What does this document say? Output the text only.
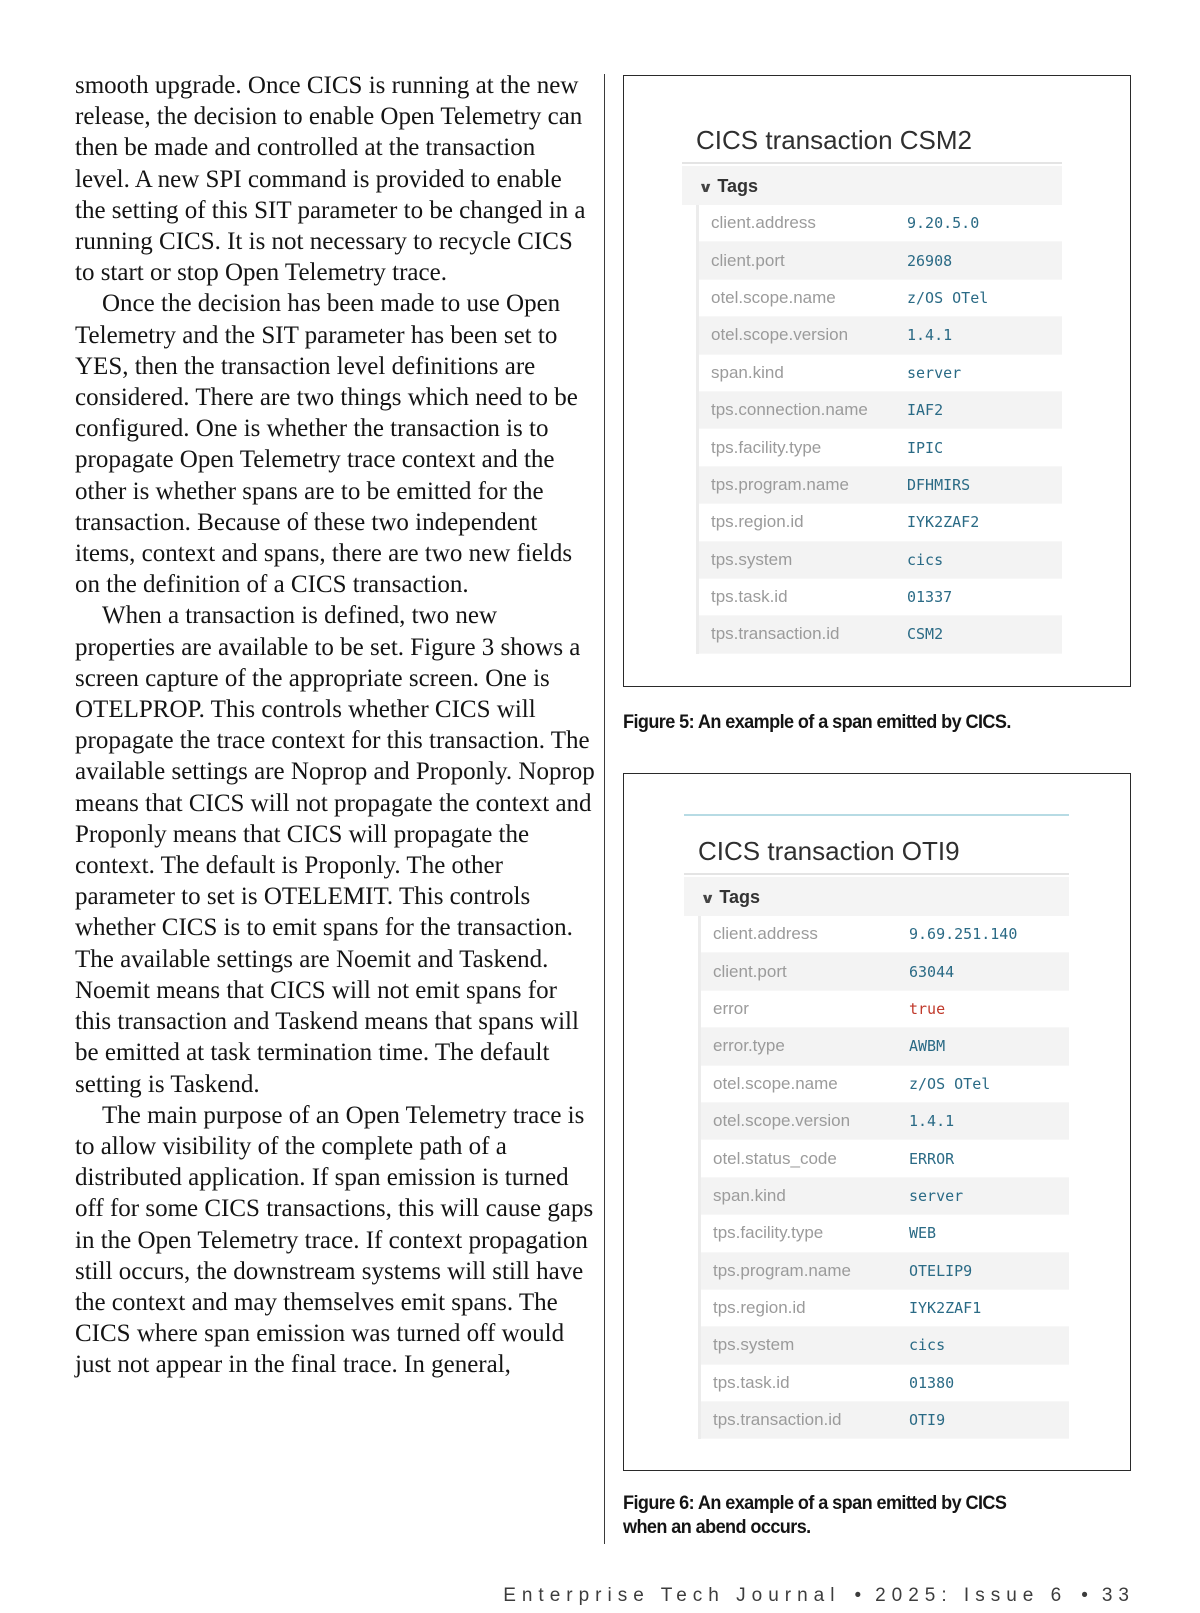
smooth upgrade. Once CICS is running at the new release, the decision to enable Open Telemetry can then be made and controlled at the transaction level. A new SPI command is provided to enable the setting of this SIT parameter to be changed in a running CICS. It is not necessary to recycle CICS to start or stop Open Telemetry trace.

Once the decision has been made to use Open Telemetry and the SIT parameter has been set to YES, then the transaction level definitions are considered. There are two things which need to be configured. One is whether the transaction is to propagate Open Telemetry trace context and the other is whether spans are to be emitted for the transaction. Because of these two independent items, context and spans, there are two new fields on the definition of a CICS transaction.

When a transaction is defined, two new properties are available to be set. Figure 3 shows a screen capture of the appropriate screen. One is OTELPROP. This controls whether CICS will propagate the trace context for this transaction. The available settings are Noprop and Proponly. Noprop means that CICS will not propagate the context and Proponly means that CICS will propagate the context. The default is Proponly. The other parameter to set is OTELEMIT. This controls whether CICS is to emit spans for the transaction. The available settings are Noemit and Taskend. Noemit means that CICS will not emit spans for this transaction and Taskend means that spans will be emitted at task termination time. The default setting is Taskend.

The main purpose of an Open Telemetry trace is to allow visibility of the complete path of a distributed application. If span emission is turned off for some CICS transactions, this will cause gaps in the Open Telemetry trace. If context propagation still occurs, the downstream systems will still have the context and may themselves emit spans. The CICS where span emission was turned off would just not appear in the final trace. In general,

CICS transaction CSM2
∨ Tags
client.address	9.20.5.0
client.port	26908
otel.scope.name	z/OS OTel
otel.scope.version	1.4.1
span.kind	server
tps.connection.name	IAF2
tps.facility.type	IPIC
tps.program.name	DFHMIRS
tps.region.id	IYK2ZAF2
tps.system	cics
tps.task.id	01337
tps.transaction.id	CSM2
Figure 5: An example of a span emitted by CICS.
CICS transaction OTI9
∨ Tags
client.address	9.69.251.140
client.port	63044
error	true
error.type	AWBM
otel.scope.name	z/OS OTel
otel.scope.version	1.4.1
otel.status_code	ERROR
span.kind	server
tps.facility.type	WEB
tps.program.name	OTELIP9
tps.region.id	IYK2ZAF1
tps.system	cics
tps.task.id	01380
tps.transaction.id	OTI9
Figure 6: An example of a span emitted by CICS
when an abend occurs.
Enterprise Tech Journal • 2025: Issue 6 • 33
